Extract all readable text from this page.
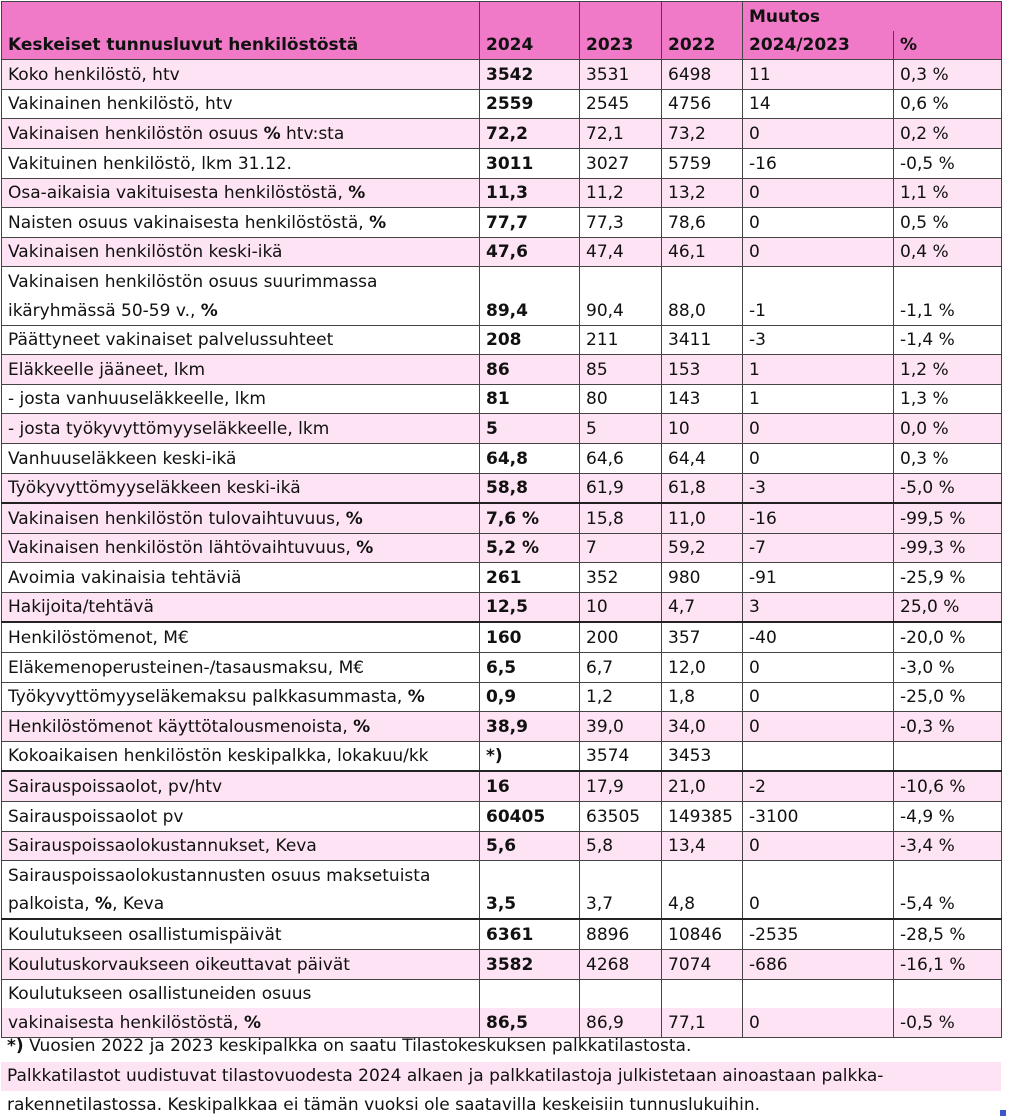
				Muutos	
Keskeiset tunnusluvut henkilöstöstä	2024	2023	2022	2024/2023	%
Koko henkilöstö, htv	3542	3531	6498	11	0,3 %
Vakinainen henkilöstö, htv	2559	2545	4756	14	0,6 %
Vakinaisen henkilöstön osuus % htv:sta	72,2	72,1	73,2	0	0,2 %
Vakituinen henkilöstö, lkm 31.12.	3011	3027	5759	-16	-0,5 %
Osa-aikaisia vakituisesta henkilöstöstä, %	11,3	11,2	13,2	0	1,1 %
Naisten osuus vakinaisesta henkilöstöstä, %	77,7	77,3	78,6	0	0,5 %
Vakinaisen henkilöstön keski-ikä	47,6	47,4	46,1	0	0,4 %
Vakinaisen henkilöstön osuus suurimmassa					
ikäryhmässä 50-59 v., %	89,4	90,4	88,0	-1	-1,1 %
Päättyneet vakinaiset palvelussuhteet	208	211	3411	-3	-1,4 %
Eläkkeelle jääneet, lkm	86	85	153	1	1,2 %
- josta vanhuuseläkkeelle, lkm	81	80	143	1	1,3 %
- josta työkyvyttömyyseläkkeelle, lkm	5	5	10	0	0,0 %
Vanhuuseläkkeen keski-ikä	64,8	64,6	64,4	0	0,3 %
Työkyvyttömyyseläkkeen keski-ikä	58,8	61,9	61,8	-3	-5,0 %
Vakinaisen henkilöstön tulovaihtuvuus, %	7,6 %	15,8	11,0	-16	-99,5 %
Vakinaisen henkilöstön lähtövaihtuvuus, %	5,2 %	7	59,2	-7	-99,3 %
Avoimia vakinaisia tehtäviä	261	352	980	-91	-25,9 %
Hakijoita/tehtävä	12,5	10	4,7	3	25,0 %
Henkilöstömenot, M€	160	200	357	-40	-20,0 %
Eläkemenoperusteinen-/tasausmaksu, M€	6,5	6,7	12,0	0	-3,0 %
Työkyvyttömyyseläkemaksu palkkasummasta, %	0,9	1,2	1,8	0	-25,0 %
Henkilöstömenot käyttötalousmenoista, %	38,9	39,0	34,0	0	-0,3 %
Kokoaikaisen henkilöstön keskipalkka, lokakuu/kk	*)	3574	3453		
Sairauspoissaolot, pv/htv	16	17,9	21,0	-2	-10,6 %
Sairauspoissaolot pv	60405	63505	149385	-3100	-4,9 %
Sairauspoissaolokustannukset, Keva	5,6	5,8	13,4	0	-3,4 %
Sairauspoissaolokustannusten osuus maksetuista					
palkoista, %, Keva	3,5	3,7	4,8	0	-5,4 %
Koulutukseen osallistumispäivät	6361	8896	10846	-2535	-28,5 %
Koulutuskorvaukseen oikeuttavat päivät	3582	4268	7074	-686	-16,1 %
Koulutukseen osallistuneiden osuus					
vakinaisesta henkilöstöstä, %	86,5	86,9	77,1	0	-0,5 %
*) Vuosien 2022 ja 2023 keskipalkka on saatu Tilastokeskuksen palkkatilastosta.
Palkkatilastot uudistuvat tilastovuodesta 2024 alkaen ja palkkatilastoja julkistetaan ainoastaan palkka-
rakennetilastossa. Keskipalkkaa ei tämän vuoksi ole saatavilla keskeisiin tunnuslukuihin.
